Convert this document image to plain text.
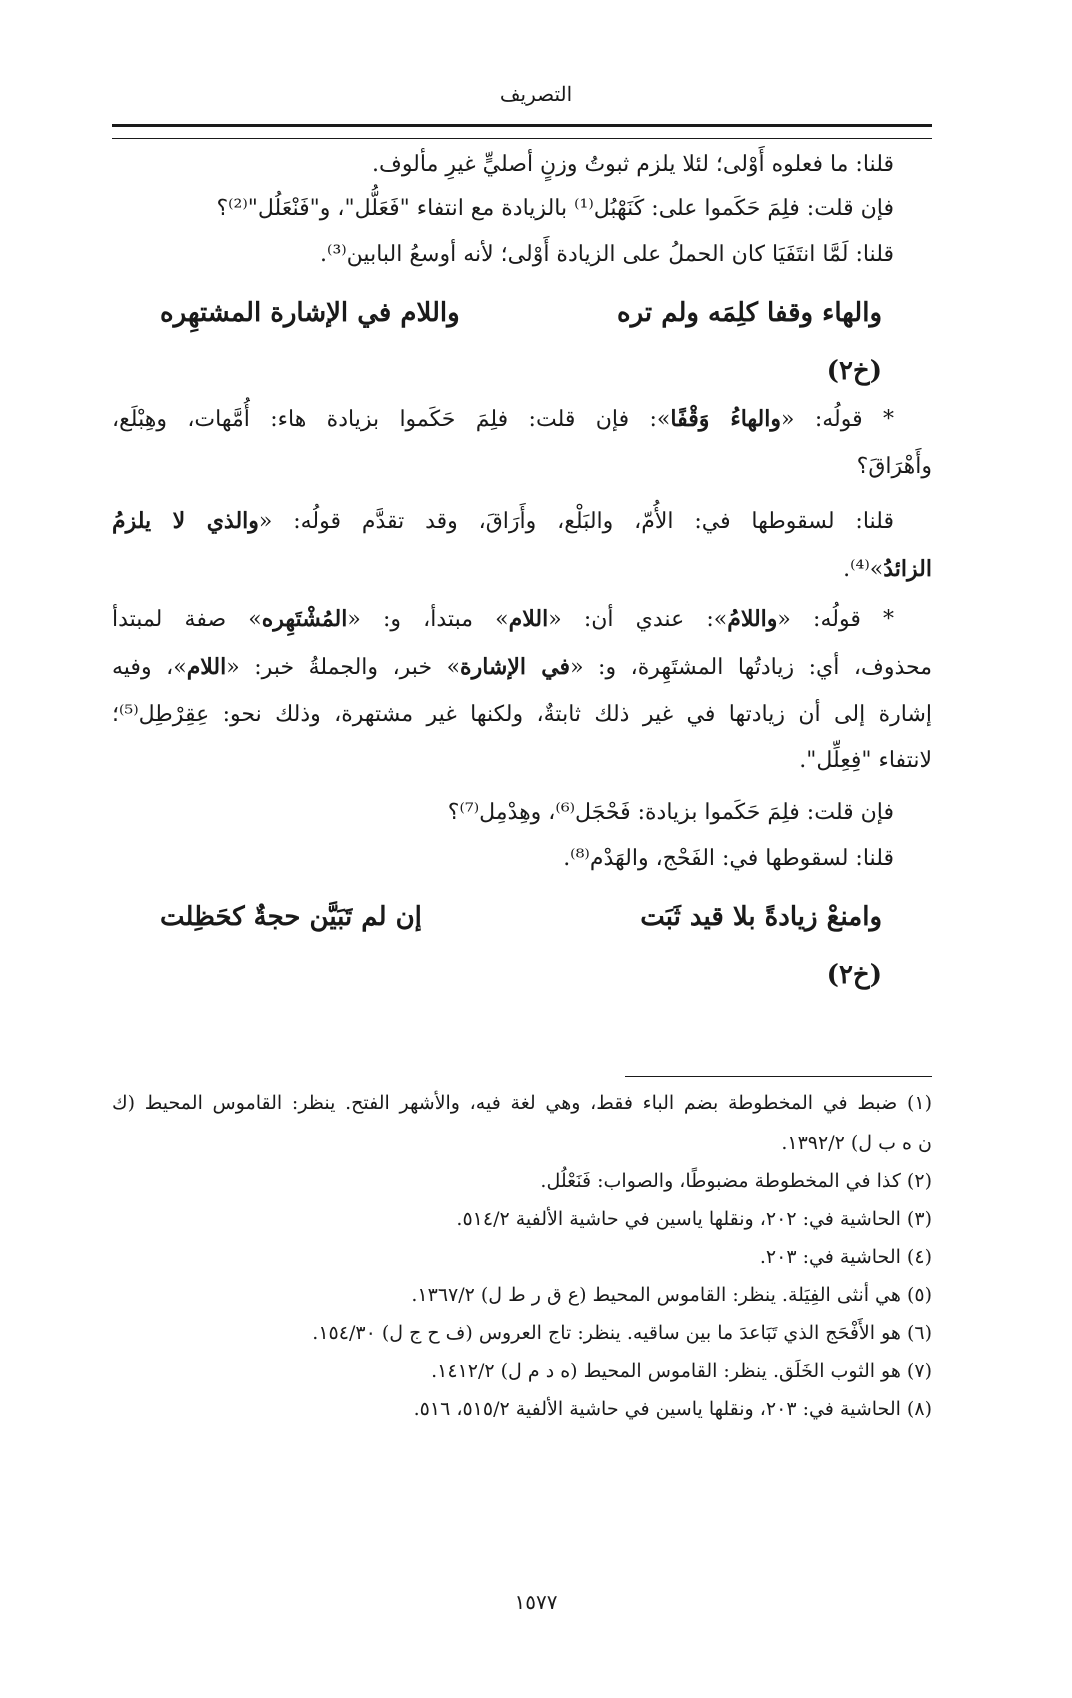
التصريف
قلنا: ما فعلوه أَوْلى؛ لئلا يلزم ثبوتُ وزنٍ أصليٍّ غيرِ مألوف.
فإن قلت: فلِمَ حَكَموا على: كَنَهْبُل⁽¹⁾ بالزيادة مع انتفاء "فَعَلُّل"، و"فَنْعَلُل"⁽²⁾؟
قلنا: لَمَّا انتَفَيَا كان الحملُ على الزيادة أَوْلى؛ لأنه أوسعُ البابين⁽³⁾.
والهاء وقفا كلِمَه ولم تره
واللام في الإشارة المشتهِره
(خ٢)
* قولُه: «والهاءُ وَقْفًا»: فإن قلت: فلِمَ حَكَموا بزيادة هاء: أُمَّهات، وهِبْلَع،
وأَهْرَاقَ؟
قلنا: لسقوطها في: الأُمّ، والبَلْع، وأَرَاقَ، وقد تقدَّم قولُه: «والذي لا يلزمُ
الزائدُ»⁽⁴⁾.
* قولُه: «واللامُ»: عندي أن: «اللام» مبتدأ، و: «المُشْتَهِره» صفة لمبتدأ
محذوف، أي: زيادتُها المشتَهِرة، و: «في الإشارة» خبر، والجملةُ خبر: «اللام»، وفيه
إشارة إلى أن زيادتها في غير ذلك ثابتةٌ، ولكنها غير مشتهرة، وذلك نحو: عِقِرْطِل⁽⁵⁾؛
لانتفاء "فِعِلِّل".
فإن قلت: فلِمَ حَكَموا بزيادة: فَحْجَل⁽⁶⁾، وهِدْمِل⁽⁷⁾؟
قلنا: لسقوطها في: الفَحْج، والهَدْم⁽⁸⁾.
وامنعْ زيادةً بلا قيد ثَبَت
إن لم تَبَيَّن حجةٌ كحَظِلت
(خ٢)
(١) ضبط في المخطوطة بضم الباء فقط، وهي لغة فيه، والأشهر الفتح. ينظر: القاموس المحيط (ك
ن ه ب ل) ١٣٩٢/٢.
(٢) كذا في المخطوطة مضبوطًا، والصواب: فَنَعْلُل.
(٣) الحاشية في: ٢٠٢، ونقلها ياسين في حاشية الألفية ٥١٤/٢.
(٤) الحاشية في: ٢٠٣.
(٥) هي أنثى الفِيَلة. ينظر: القاموس المحيط (ع ق ر ط ل) ١٣٦٧/٢.
(٦) هو الأَفْحَج الذي تَبَاعدَ ما بين ساقيه. ينظر: تاج العروس (ف ح ج ل) ١٥٤/٣٠.
(٧) هو الثوب الخَلَق. ينظر: القاموس المحيط (ه د م ل) ١٤١٢/٢.
(٨) الحاشية في: ٢٠٣، ونقلها ياسين في حاشية الألفية ٥١٥/٢، ٥١٦.
١٥٧٧
